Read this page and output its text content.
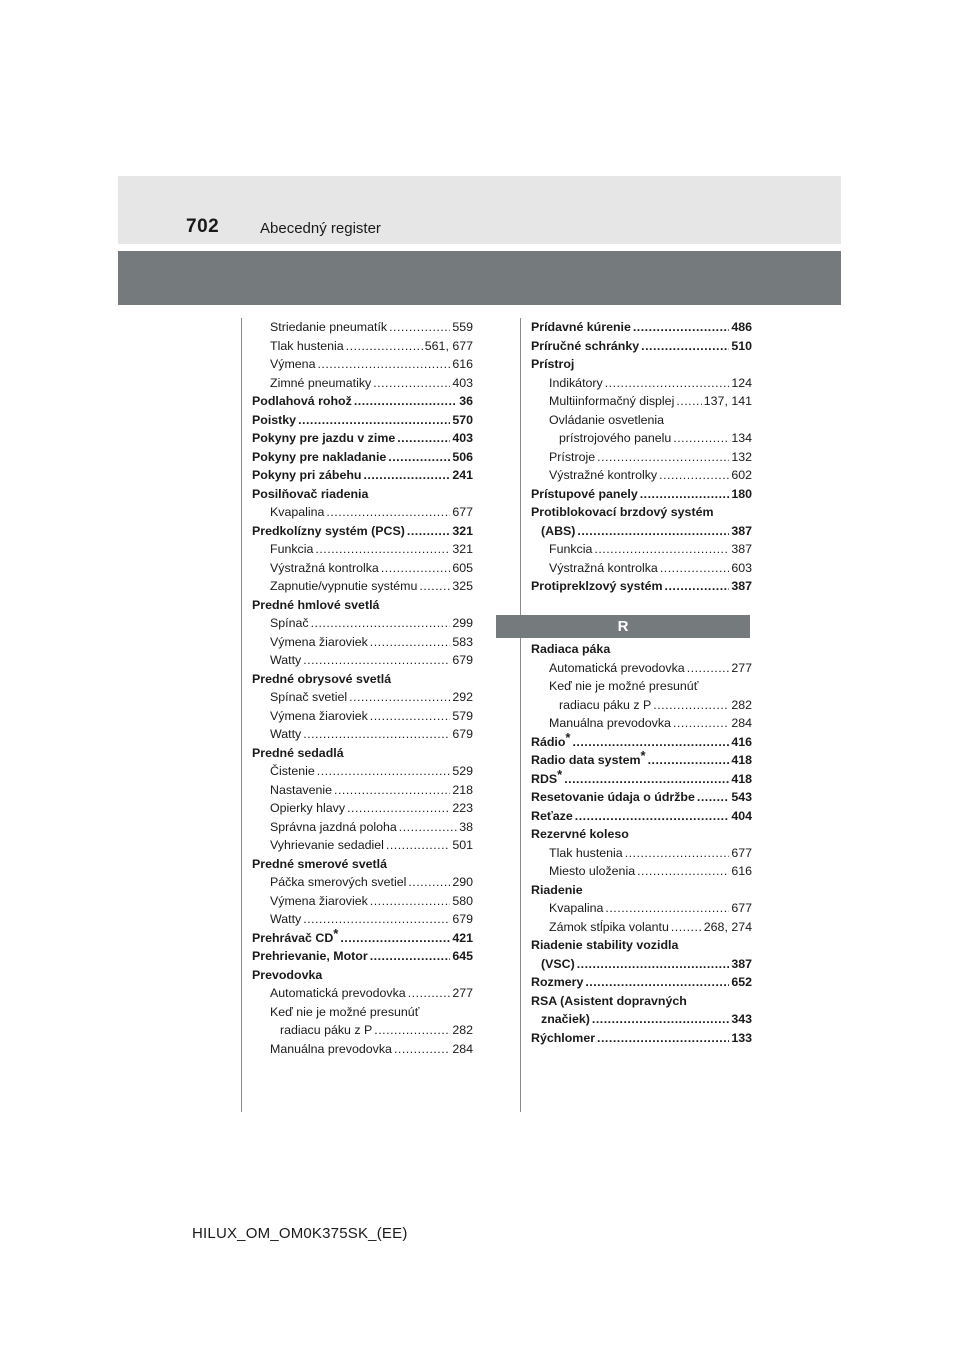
702	Abecedný register
Striedanie pneumatík .....	559
Tlak hustenia .....	561, 677
Výmena .....	616
Zimné pneumatiky .....	403
Podlahová rohož .....	36
Poistky .....	570
Pokyny pre jazdu v zime .....	403
Pokyny pre nakladanie .....	506
Pokyny pri zábehu .....	241
Posilňovač riadenia
Kvapalina .....	677
Predkolízny systém (PCS) .....	321
Funkcia .....	321
Výstražná kontrolka .....	605
Zapnutie/vypnutie systému .....	325
Predné hmlové svetlá
Spínač .....	299
Výmena žiaroviek .....	583
Watty .....	679
Predné obrysové svetlá
Spínač svetiel .....	292
Výmena žiaroviek .....	579
Watty .....	679
Predné sedadlá
Čistenie .....	529
Nastavenie .....	218
Opierky hlavy .....	223
Správna jazdná poloha .....	38
Vyhrievanie sedadiel .....	501
Predné smerové svetlá
Páčka smerových svetiel .....	290
Výmena žiaroviek .....	580
Watty .....	679
Prehrávač CD* .....	421
Prehrievanie, Motor .....	645
Prevodovka
Automatická prevodovka .....	277
Keď nie je možné presunúť
radiacu páku z P .....	282
Manuálna prevodovka .....	284
Prídavné kúrenie .....	486
Príručné schránky .....	510
Prístroj
Indikátory .....	124
Multiinformačný displej ..... 137, 141
Ovládanie osvetlenia
prístrojového panelu .....	134
Prístroje .....	132
Výstražné kontrolky .....	602
Prístupové panely .....	180
Protiblokovací brzdový systém
(ABS) .....	387
Funkcia .....	387
Výstražná kontrolka .....	603
Protipreklzový systém .....	387
R
Radiaca páka
Automatická prevodovka .....	277
Keď nie je možné presunúť
radiacu páku z P .....	282
Manuálna prevodovka .....	284
Rádio* .....	416
Radio data system* .....	418
RDS* .....	418
Resetovanie údaja o údržbe .....	543
Reťaze .....	404
Rezervné koleso
Tlak hustenia .....	677
Miesto uloženia .....	616
Riadenie
Kvapalina .....	677
Zámok stĺpika volantu .....	268, 274
Riadenie stability vozidla
(VSC) .....	387
Rozmery .....	652
RSA (Asistent dopravných
značiek) .....	343
Rýchlomer .....	133
HILUX_OM_OM0K375SK_(EE)
